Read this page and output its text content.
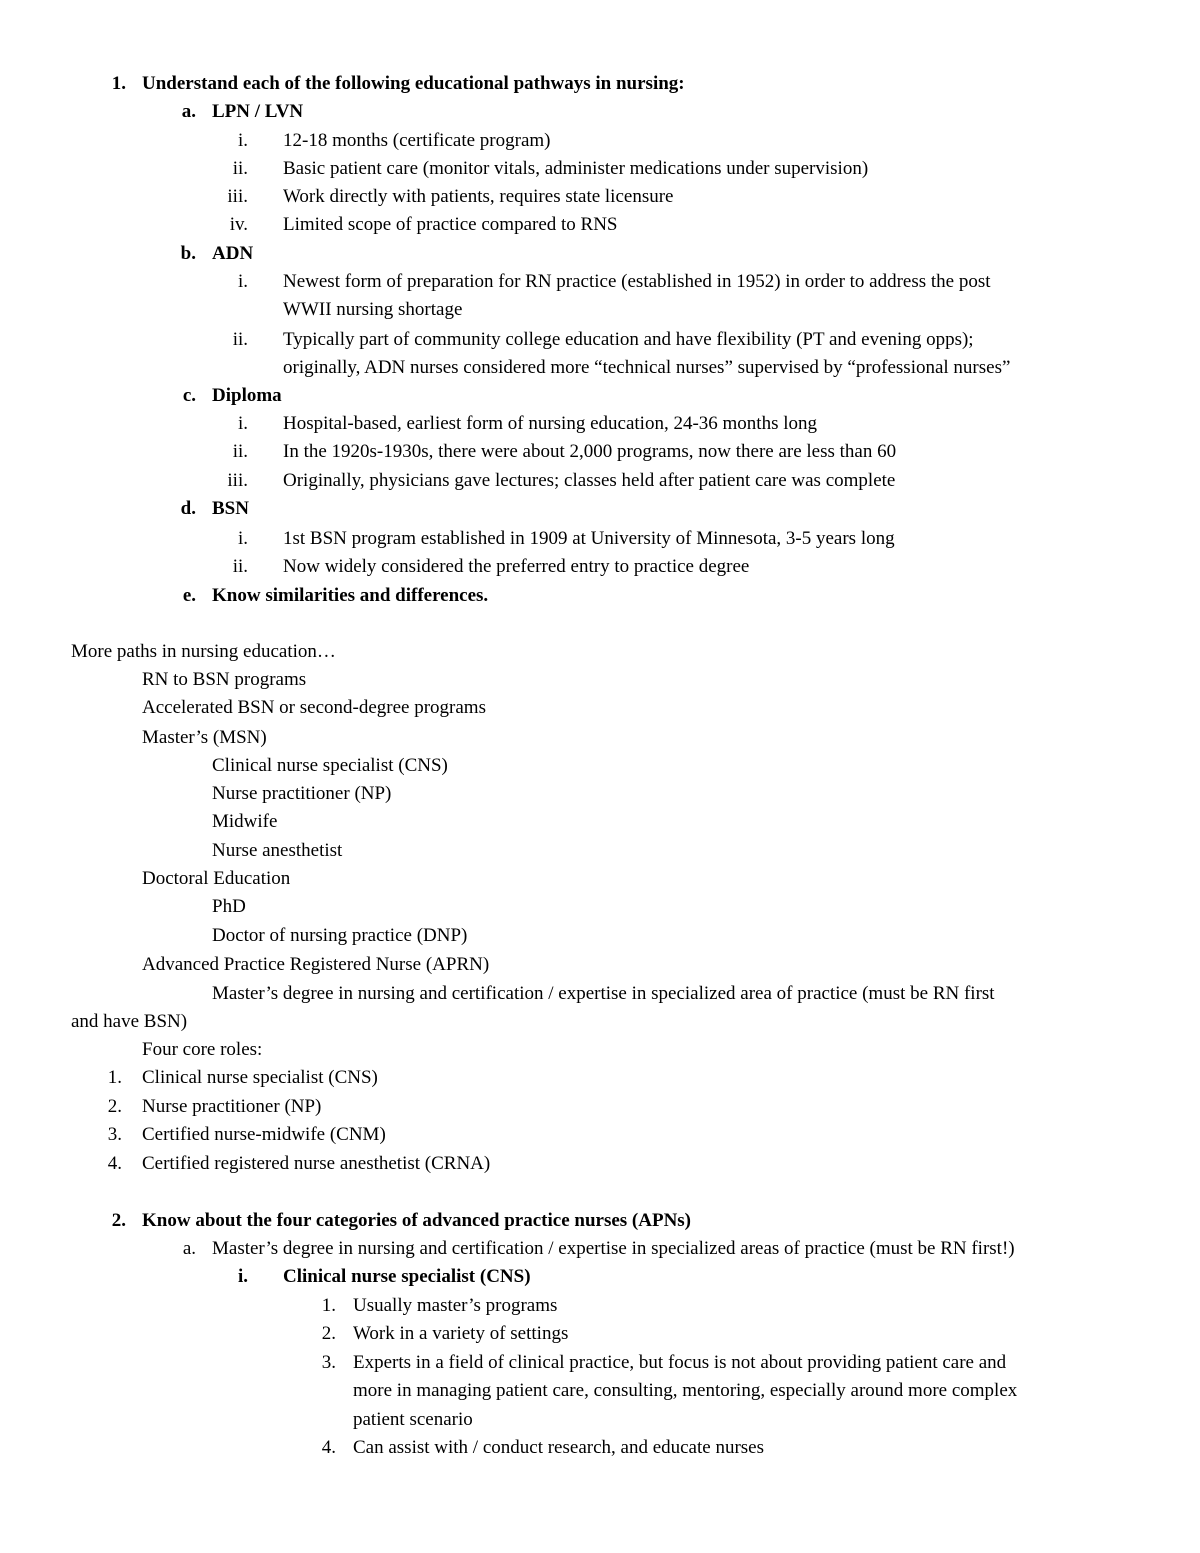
1. Understand each of the following educational pathways in nursing:
a. LPN / LVN
i. 12-18 months (certificate program)
ii. Basic patient care (monitor vitals, administer medications under supervision)
iii. Work directly with patients, requires state licensure
iv. Limited scope of practice compared to RNS
b. ADN
i. Newest form of preparation for RN practice (established in 1952) in order to address the post
WWII nursing shortage
ii. Typically part of community college education and have flexibility (PT and evening opps);
originally, ADN nurses considered more “technical nurses” supervised by “professional nurses”
c. Diploma
i. Hospital-based, earliest form of nursing education, 24-36 months long
ii. In the 1920s-1930s, there were about 2,000 programs, now there are less than 60
iii. Originally, physicians gave lectures; classes held after patient care was complete
d. BSN
i. 1st BSN program established in 1909 at University of Minnesota, 3-5 years long
ii. Now widely considered the preferred entry to practice degree
e. Know similarities and differences.
More paths in nursing education…
RN to BSN programs
Accelerated BSN or second-degree programs
Master’s (MSN)
Clinical nurse specialist (CNS)
Nurse practitioner (NP)
Midwife
Nurse anesthetist
Doctoral Education
PhD
Doctor of nursing practice (DNP)
Advanced Practice Registered Nurse (APRN)
Master’s degree in nursing and certification / expertise in specialized area of practice (must be RN first
and have BSN)
Four core roles:
1. Clinical nurse specialist (CNS)
2. Nurse practitioner (NP)
3. Certified nurse-midwife (CNM)
4. Certified registered nurse anesthetist (CRNA)
2. Know about the four categories of advanced practice nurses (APNs)
a. Master’s degree in nursing and certification / expertise in specialized areas of practice (must be RN first!)
i. Clinical nurse specialist (CNS)
1. Usually master’s programs
2. Work in a variety of settings
3. Experts in a field of clinical practice, but focus is not about providing patient care and
more in managing patient care, consulting, mentoring, especially around more complex
patient scenario
4. Can assist with / conduct research, and educate nurses
